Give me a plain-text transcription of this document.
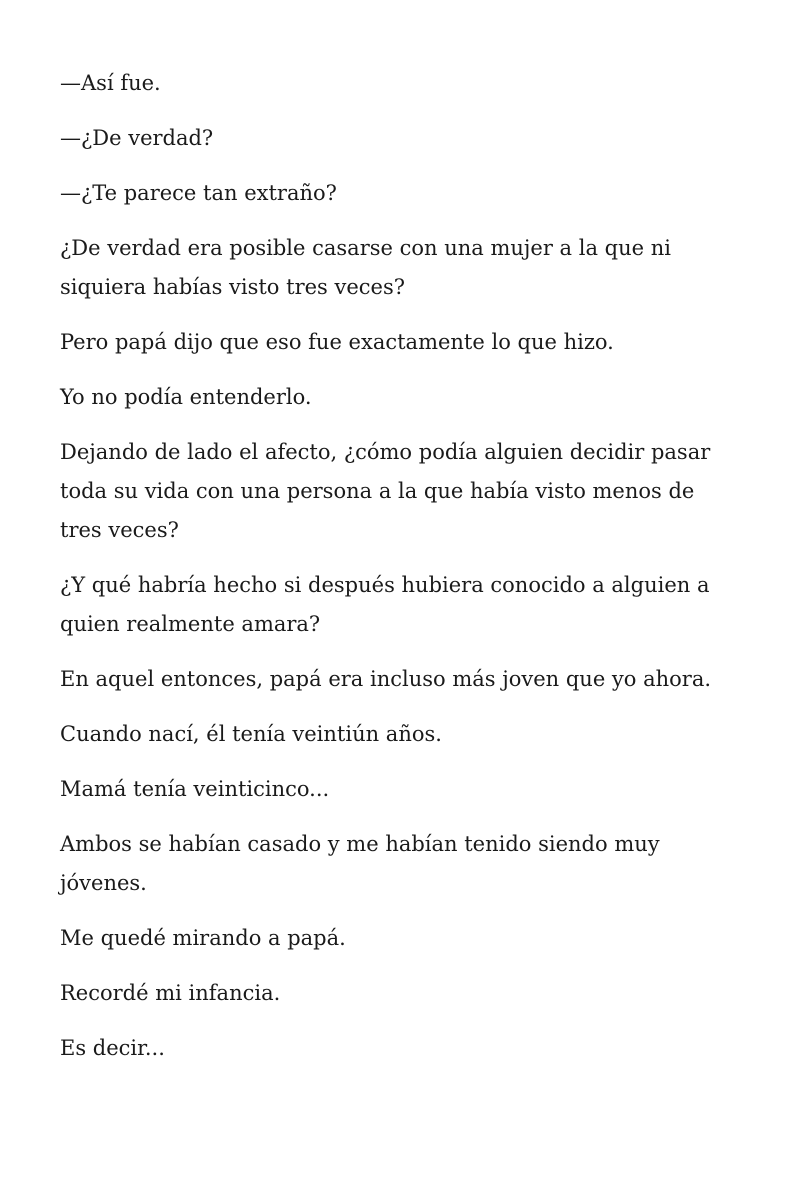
—Así fue.

—¿De verdad?

—¿Te parece tan extraño?

¿De verdad era posible casarse con una mujer a la que ni siquiera habías visto tres veces?

Pero papá dijo que eso fue exactamente lo que hizo.

Yo no podía entenderlo.

Dejando de lado el afecto, ¿cómo podía alguien decidir pasar toda su vida con una persona a la que había visto menos de tres veces?

¿Y qué habría hecho si después hubiera conocido a alguien a quien realmente amara?

En aquel entonces, papá era incluso más joven que yo ahora.

Cuando nací, él tenía veintiún años.

Mamá tenía veinticinco...

Ambos se habían casado y me habían tenido siendo muy jóvenes.

Me quedé mirando a papá.

Recordé mi infancia.

Es decir...
